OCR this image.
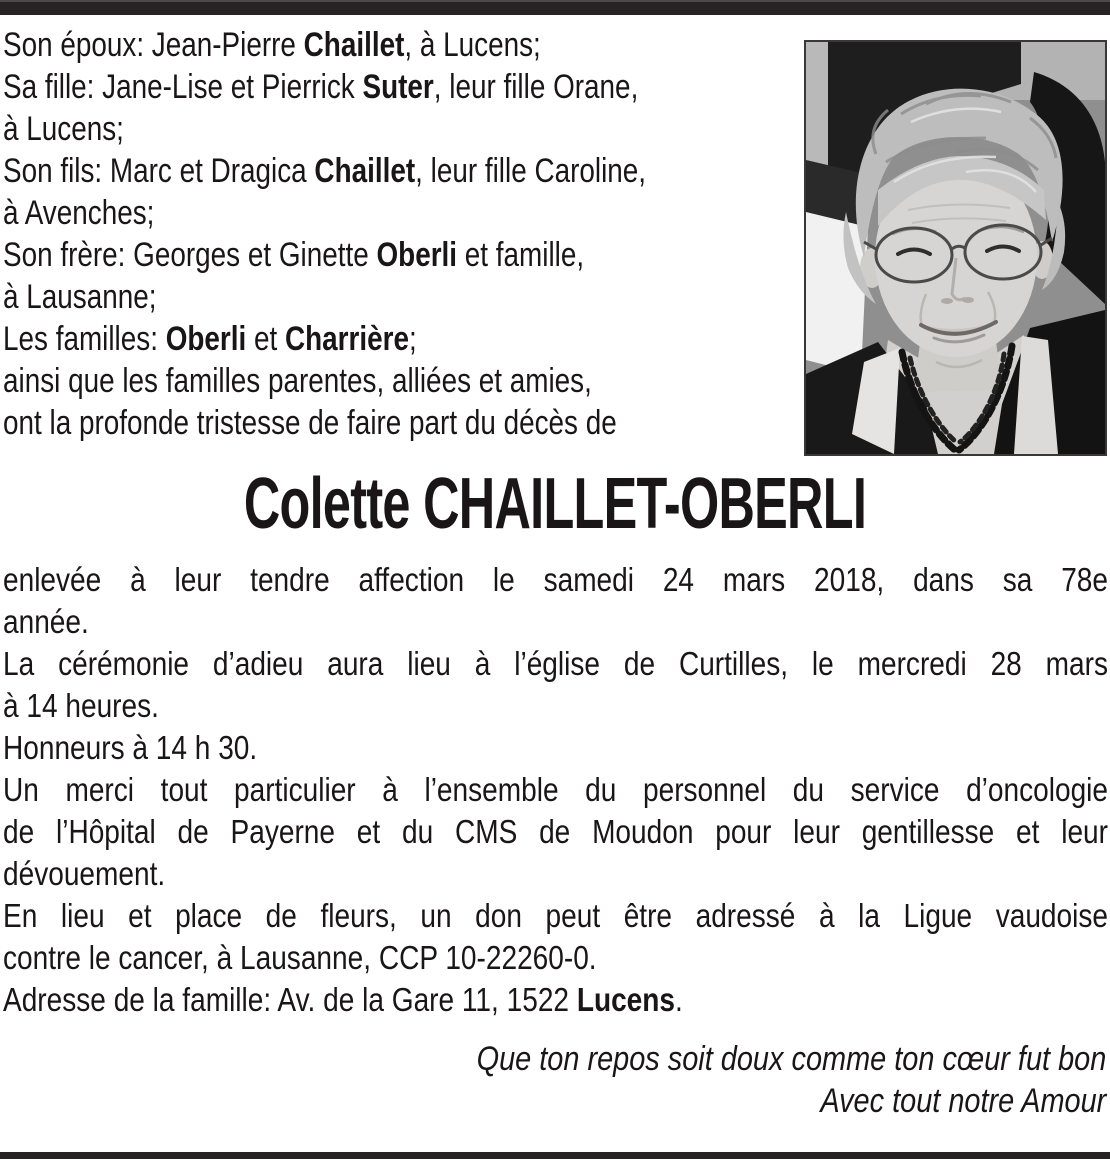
Son époux: Jean-Pierre Chaillet, à Lucens;
Sa fille: Jane-Lise et Pierrick Suter, leur fille Orane,
à Lucens;
Son fils: Marc et Dragica Chaillet, leur fille Caroline,
à Avenches;
Son frère: Georges et Ginette Oberli et famille,
à Lausanne;
Les familles: Oberli et Charrière;
ainsi que les familles parentes, alliées et amies,
ont la profonde tristesse de faire part du décès de
Colette CHAILLET-OBERLI
enlevée à leur tendre affection le samedi 24 mars 2018, dans sa 78e
année.
La cérémonie d’adieu aura lieu à l’église de Curtilles, le mercredi 28 mars
à 14 heures.
Honneurs à 14 h 30.
Un merci tout particulier à l’ensemble du personnel du service d’oncologie
de l’Hôpital de Payerne et du CMS de Moudon pour leur gentillesse et leur
dévouement.
En lieu et place de fleurs, un don peut être adressé à la Ligue vaudoise
contre le cancer, à Lausanne, CCP 10-22260-0.
Adresse de la famille: Av. de la Gare 11, 1522 Lucens.
Que ton repos soit doux comme ton cœur fut bon
Avec tout notre Amour
